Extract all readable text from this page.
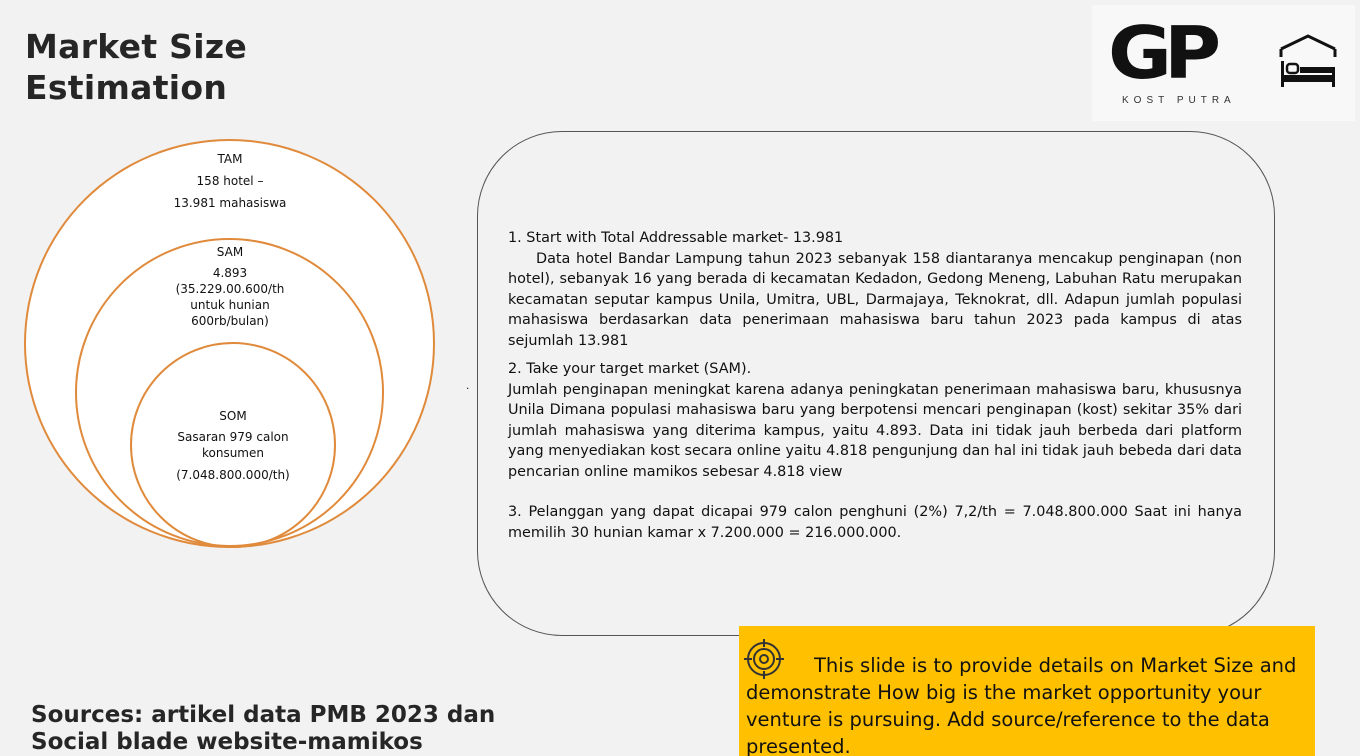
Market Size
Estimation	GP
KOST PUTRA
TAM
158 hotel –
13.981 mahasiswa
SAM
4.893
(35.229.00.600/th
untuk hunian
600rb/bulan)
SOM
Sasaran 979 calon
konsumen
(7.048.800.000/th)
.

1. Start with Total Addressable market- 13.981

Data hotel Bandar Lampung tahun 2023 sebanyak 158 diantaranya mencakup penginapan (non hotel), sebanyak 16 yang berada di kecamatan Kedadon, Gedong Meneng, Labuhan Ratu merupakan kecamatan seputar kampus Unila, Umitra, UBL, Darmajaya, Teknokrat, dll. Adapun jumlah populasi mahasiswa berdasarkan data penerimaan mahasiswa baru tahun 2023 pada kampus di atas sejumlah 13.981

2. Take your target market (SAM).

Jumlah penginapan meningkat karena adanya peningkatan penerimaan mahasiswa baru, khususnya Unila Dimana populasi mahasiswa baru yang berpotensi mencari penginapan (kost) sekitar 35% dari jumlah mahasiswa yang diterima kampus, yaitu 4.893. Data ini tidak jauh berbeda dari platform yang menyediakan kost secara online yaitu 4.818 pengunjung dan hal ini tidak jauh bebeda dari data pencarian online mamikos sebesar 4.818 view

3. Pelanggan yang dapat dicapai 979 calon penghuni (2%) 7,2/th = 7.048.800.000 Saat ini hanya memilih 30 hunian kamar x 7.200.000 = 216.000.000.

Sources: artikel data PMB 2023 dan Social blade website-mamikos
This slide is to provide details on Market Size and demonstrate How big is the market opportunity your venture is pursuing. Add source/reference to the data presented.
